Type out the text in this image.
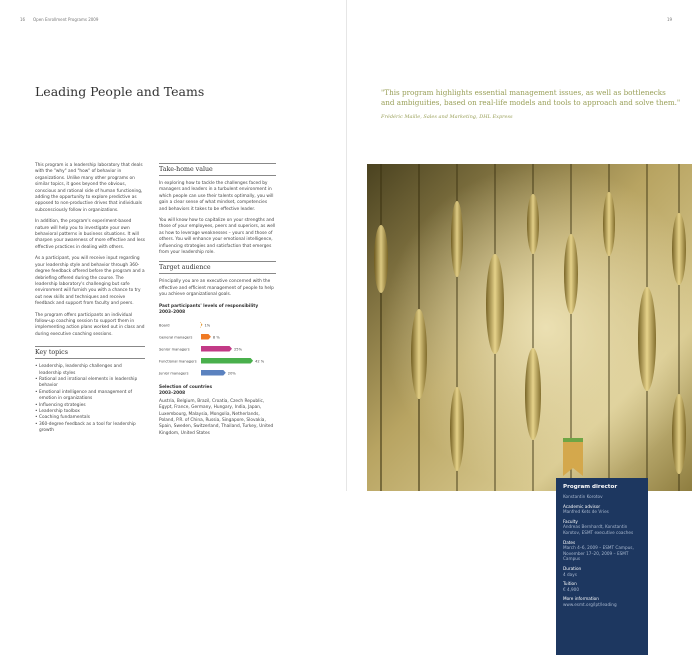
16 Open Enrollment Programs 2009
Leading People and Teams

This program is a leadership laboratory that deals with the "why" and "how" of behavior in organizations. Unlike many other programs on similar topics, it goes beyond the obvious, conscious and rational side of human functioning, adding the opportunity to explore predictive as opposed to non-productive drives that individuals subconsciously follow in organizations.

In addition, the program's experiment-based nature will help you to investigate your own behavioral patterns in business situations. It will sharpen your awareness of more effective and less effective practices in dealing with others.

As a participant, you will receive input regarding your leadership style and behavior through 360-degree feedback offered before the program and a debriefing offered during the course. The leadership laboratory's challenging but safe environment will furnish you with a chance to try out new skills and techniques and receive feedback and support from faculty and peers.

The program offers participants an individual follow-up coaching session to support them in implementing action plans worked out in class and during executive coaching sessions.

Key topics
• Leadership, leadership challenges and leadership styles
• Rational and irrational elements in leadership behavior
• Emotional intelligence and management of emotion in organizations
• Influencing strategies
• Leadership toolbox
• Coaching fundamentals
• 360-degree feedback as a tool for leadership growth
Take-home value

In exploring how to tackle the challenges faced by managers and leaders in a turbulent environment in which people can use their talents optimally, you will gain a clear sense of what mindset, competencies and behaviors it takes to be effective leader.

You will know how to capitalize on your strengths and those of your employees, peers and superiors, as well as how to leverage weaknesses – yours and those of others. You will enhance your emotional intelligence, influencing strategies and satisfaction that emerges from your leadership role.

Target audience

Principally you are an executive concerned with the effective and efficient management of people to help you achieve organizational goals.

Past participants' levels of responsibility
2003–2008
Board	1%
General managers	8 %
Senior managers	25%
Functional managers	42 %
Junior managers	20%
Selection of countries
2003–2008

Austria, Belgium, Brazil, Croatia, Czech Republic, Egypt, France, Germany, Hungary, India, Japan, Luxembourg, Malaysia, Mongolia, Netherlands, Poland, P.R. of China, Russia, Singapore, Slovakia, Spain, Sweden, Switzerland, Thailand, Turkey, United Kingdom, United States

19
"This program highlights essential management issues, as well as bottlenecks and ambiguities, based on real-life models and tools to approach and solve them."
Frédéric Maille, Sales and Marketing, DHL Express
Program director
Konstantin Korotov
Academic advisor
Manfred Kets de Vries
Faculty
Andreas Bernhardt, Konstantin Korotov, ESMT executive coaches
Dates
March 4–6, 2009 – ESMT Campus, November 17–20, 2009 – ESMT Campus
Duration
4 days
Tuition
€ 4,900
More information
www.esmt.org/lpt/leading
